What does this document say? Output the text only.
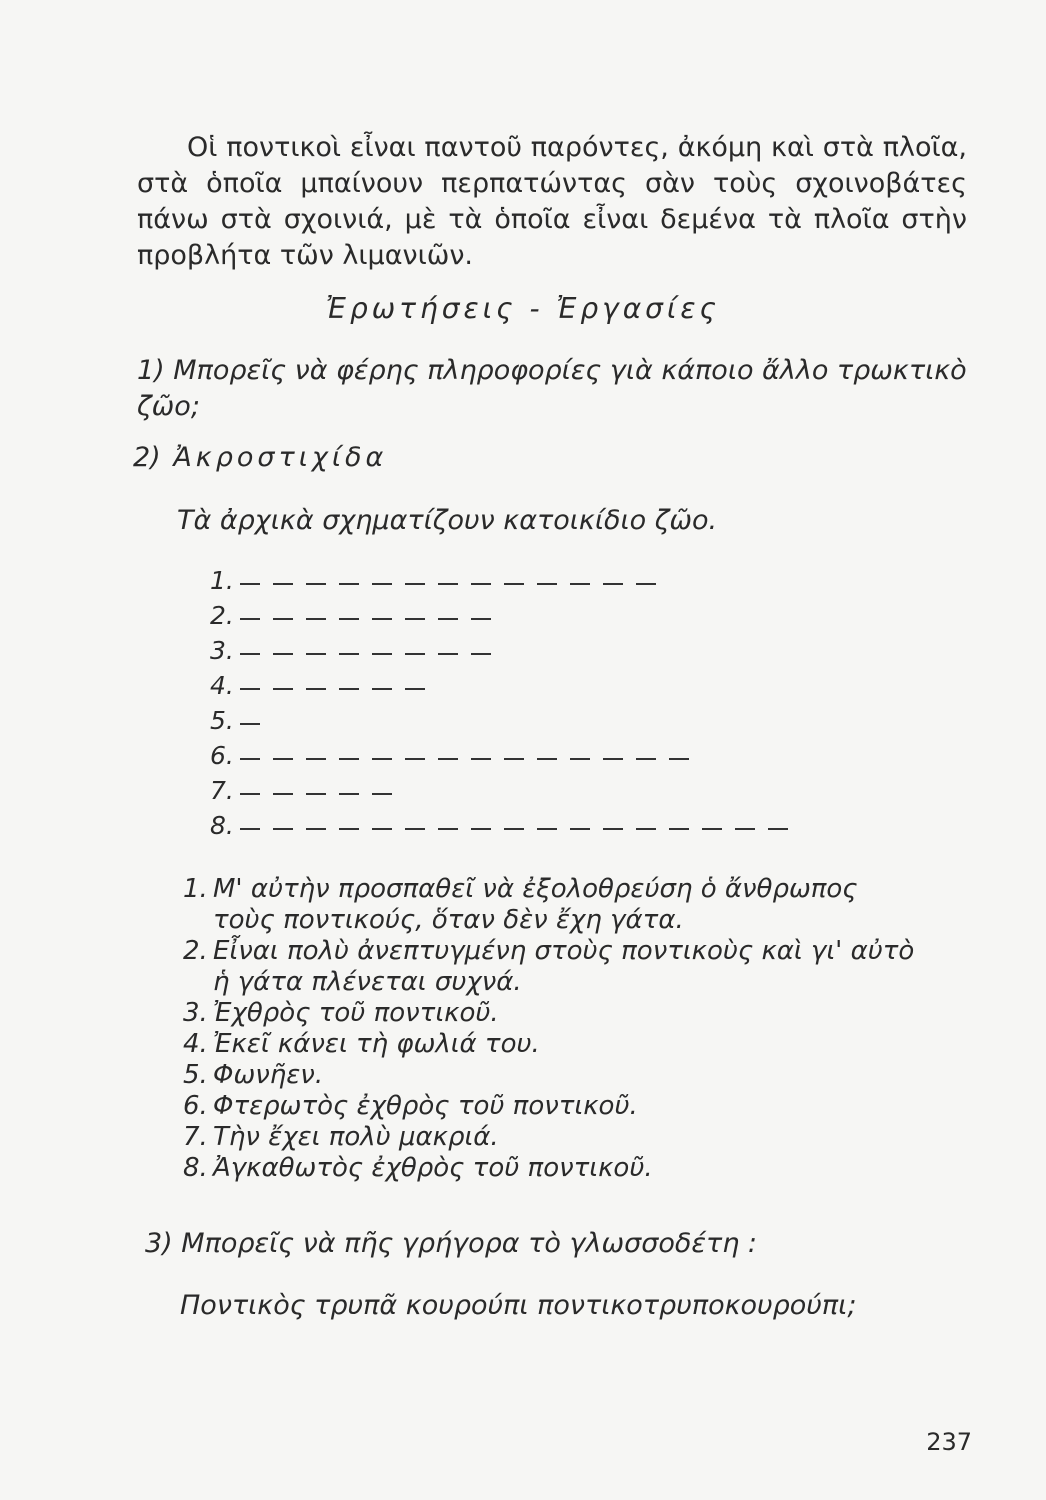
Οἱ ποντικοὶ εἶναι παντοῦ παρόντες, ἀκόμη καὶ στὰ πλοῖα, στὰ ὁποῖα μπαίνουν περπατώντας σὰν τοὺς σχοινοβάτες πάνω στὰ σχοινιά, μὲ τὰ ὁποῖα εἶναι δεμένα τὰ πλοῖα στὴν προβλήτα τῶν λιμανιῶν.

Ἐρωτήσεις - Ἐργασίες

1) Μπορεῖς νὰ φέρης πληροφορίες γιὰ κάποιο ἄλλο τρωκτικὸ ζῶο;

2) Ἀκροστιχίδα

Τὰ ἀρχικὰ σχηματίζουν κατοικίδιο ζῶο.

1.
2.
3.
4.
5.
6.
7.
8.
1. Μ' αὐτὴν προσπαθεῖ νὰ ἐξολοθρεύση ὁ ἄνθρωπος
τοὺς ποντικούς, ὅταν δὲν ἔχη γάτα.
2. Εἶναι πολὺ ἀνεπτυγμένη στοὺς ποντικοὺς καὶ γι' αὐτὸ
ἡ γάτα πλένεται συχνά.
3. Ἐχθρὸς τοῦ ποντικοῦ.
4. Ἐκεῖ κάνει τὴ φωλιά του.
5. Φωνῆεν.
6. Φτερωτὸς ἐχθρὸς τοῦ ποντικοῦ.
7. Τὴν ἔχει πολὺ μακριά.
8. Ἀγκαθωτὸς ἐχθρὸς τοῦ ποντικοῦ.

3) Μπορεῖς νὰ πῆς γρήγορα τὸ γλωσσοδέτη :

Ποντικὸς τρυπᾶ κουρούπι ποντικοτρυποκουρούπι;

237
